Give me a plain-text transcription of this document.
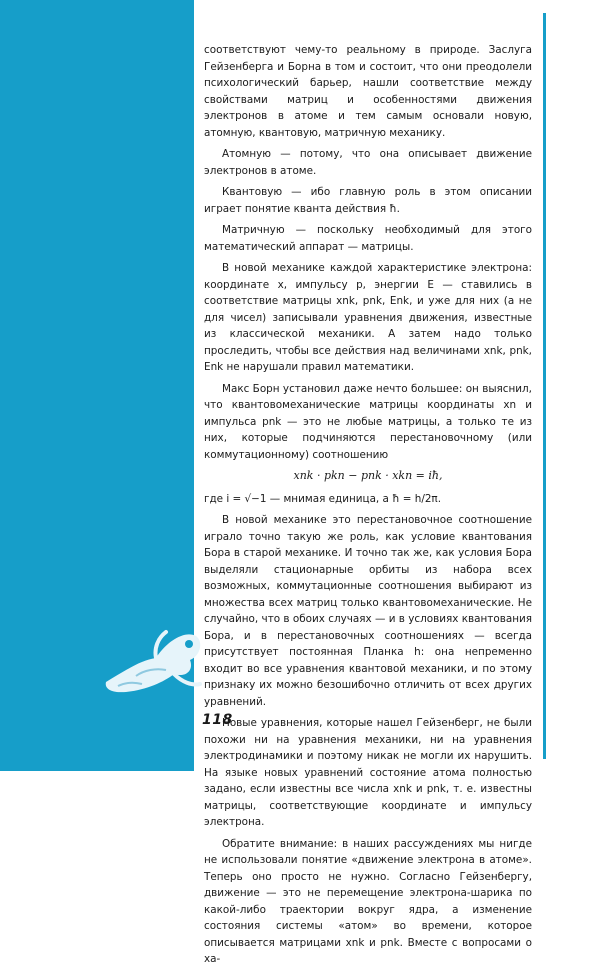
118

соответствуют чему-то реальному в природе. Заслуга Гейзенберга и Борна в том и состоит, что они преодолели психологический барьер, нашли соответствие между свойствами матриц и особенностями движения электронов в атоме и тем самым основали новую, атомную, квантовую, матричную механику.

Атомную — потому, что она описывает движение электронов в атоме.

Квантовую — ибо главную роль в этом описании играет понятие кванта действия ħ.

Матричную — поскольку необходимый для этого математический аппарат — матрицы.

В новой механике каждой характеристике электрона: координате x, импульсу p, энергии E — ставились в соответствие матрицы xnk, pnk, Enk, и уже для них (а не для чисел) записывали уравнения движения, известные из классической механики. А затем надо только проследить, чтобы все действия над величинами xnk, pnk, Enk не нарушали правил математики.

Макс Борн установил даже нечто большее: он выяснил, что квантовомеханические матрицы координаты xn и импульса pnk — это не любые матрицы, а только те из них, которые подчиняются перестановочному (или коммутационному) соотношению

xnk · pkn − pnk · xkn = iħ,

где i = √−1 — мнимая единица, а ħ = h/2π.

В новой механике это перестановочное соотношение играло точно такую же роль, как условие квантования Бора в старой механике. И точно так же, как условия Бора выделяли стационарные орбиты из набора всех возможных, коммутационные соотношения выбирают из множества всех матриц только квантовомеханические. Не случайно, что в обоих случаях — и в условиях квантования Бора, и в перестановочных соотношениях — всегда присутствует постоянная Планка h: она непременно входит во все уравнения квантовой механики, и по этому признаку их можно безошибочно отличить от всех других уравнений.

Новые уравнения, которые нашел Гейзенберг, не были похожи ни на уравнения механики, ни на уравнения электродинамики и поэтому никак не могли их нарушить. На языке новых уравнений состояние атома полностью задано, если известны все числа xnk и pnk, т. е. известны матрицы, соответствующие координате и импульсу электрона.

Обратите внимание: в наших рассуждениях мы нигде не использовали понятие «движение электрона в атоме». Теперь оно просто не нужно. Согласно Гейзенбергу, движение — это не перемещение электрона-шарика по какой-либо траектории вокруг ядра, а изменение состояния системы «атом» во времени, которое описывается матрицами xnk и pnk. Вместе с вопросами о ха-
